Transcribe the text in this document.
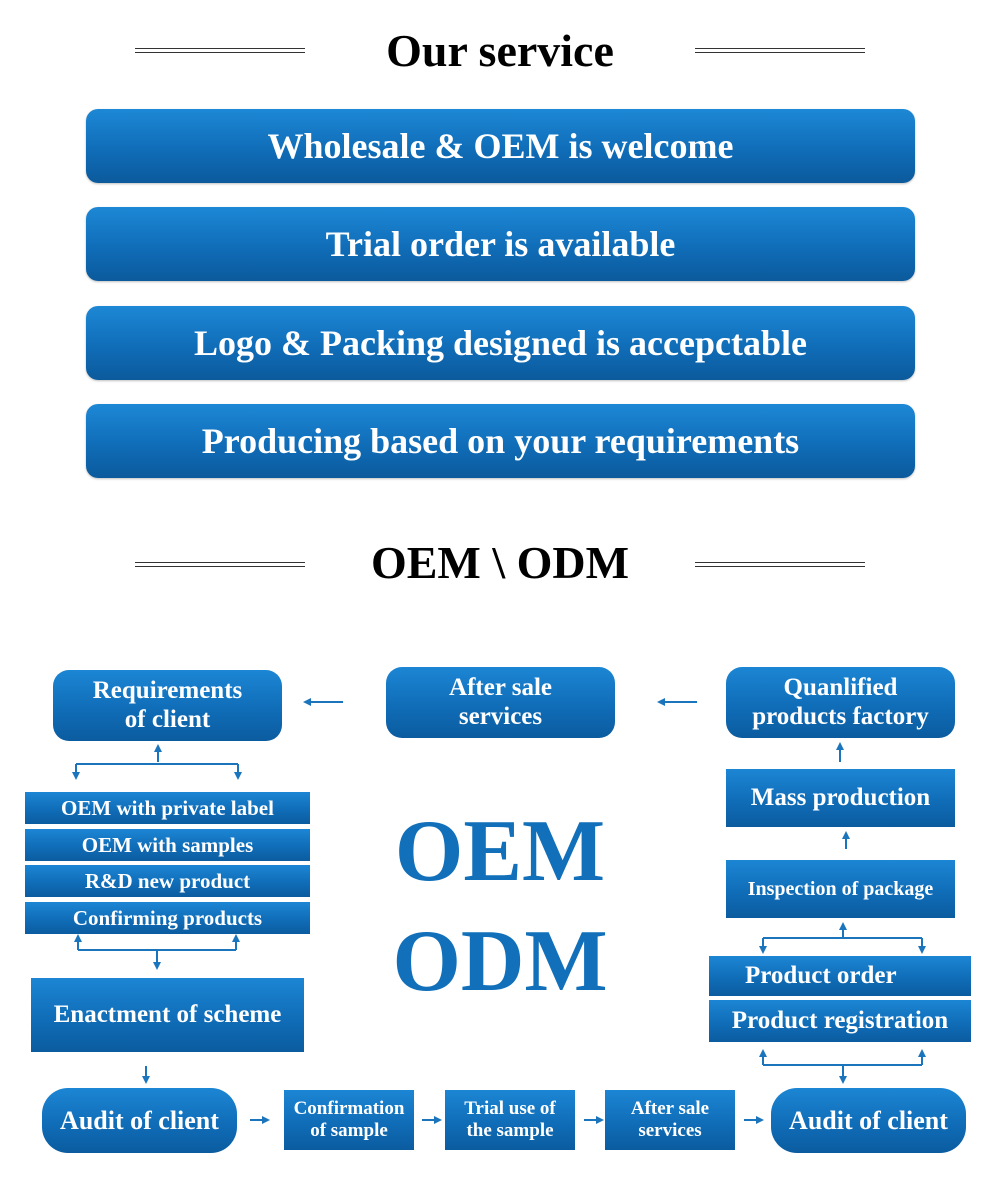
Our service
Wholesale & OEM is welcome
Trial order is available
Logo & Packing designed is accepctable
Producing based on your requirements
OEM \ ODM
OEM
ODM
Requirements of client
After sale services
Quanlified products factory
OEM with private label
OEM with samples
R&D new product
Confirming products
Enactment of scheme
Mass production
Inspection of package
Product order
Product registration
Audit of client	Confirmation of sample
Trial use of the sample
After sale services	Audit of client
